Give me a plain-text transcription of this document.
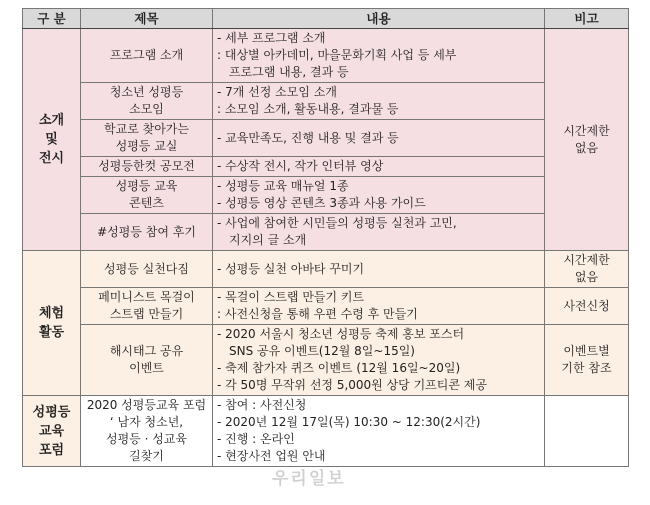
구 분	제목	내용	비고

소개
및
전시	프로그램 소개	- 세부 프로그램 소개
: 대상별 아카데미, 마을문화기획 사업 등 세부
프로그램 내용, 결과 등	시간제한
없음

	청소년 성평등
소모임	- 7개 선정 소모임 소개
: 소모임 소개, 활동내용, 결과물 등	

	학교로 찾아가는
성평등 교실	- 교육만족도, 진행 내용 및 결과 등	

	성평등한컷 공모전	- 수상작 전시, 작가 인터뷰 영상	

	성평등 교육
콘텐츠	- 성평등 교육 매뉴얼 1종
- 성평등 영상 콘텐츠 3종과 사용 가이드	

	#성평등 참여 후기	- 사업에 참여한 시민들의 성평등 실천과 고민,
지지의 글 소개	

체험
활동	성평등 실천다짐	- 성평등 실천 아바타 꾸미기	시간제한
없음

	페미니스트 목걸이
스트랩 만들기	- 목걸이 스트랩 만들기 키트
: 사전신청을 통해 우편 수령 후 만들기	사전신청

	해시태그 공유
이벤트	- 2020 서울시 청소년 성평등 축제 홍보 포스터
SNS 공유 이벤트(12월 8일~15일)
- 축제 참가자 퀴즈 이벤트 (12월 16일~20일)
- 각 50명 무작위 선정 5,000원 상당 기프티콘 제공	이벤트별
기한 참조

성평등
교육
포럼	2020 성평등교육 포럼
‘ 남자 청소년,
성평등 · 성교육
길찾기	- 참여 : 사전신청
- 2020년 12월 17일(목) 10:30 ~ 12:30(2시간)
- 진행 : 온라인
- 현장사전 업원 안내	

우리일보
